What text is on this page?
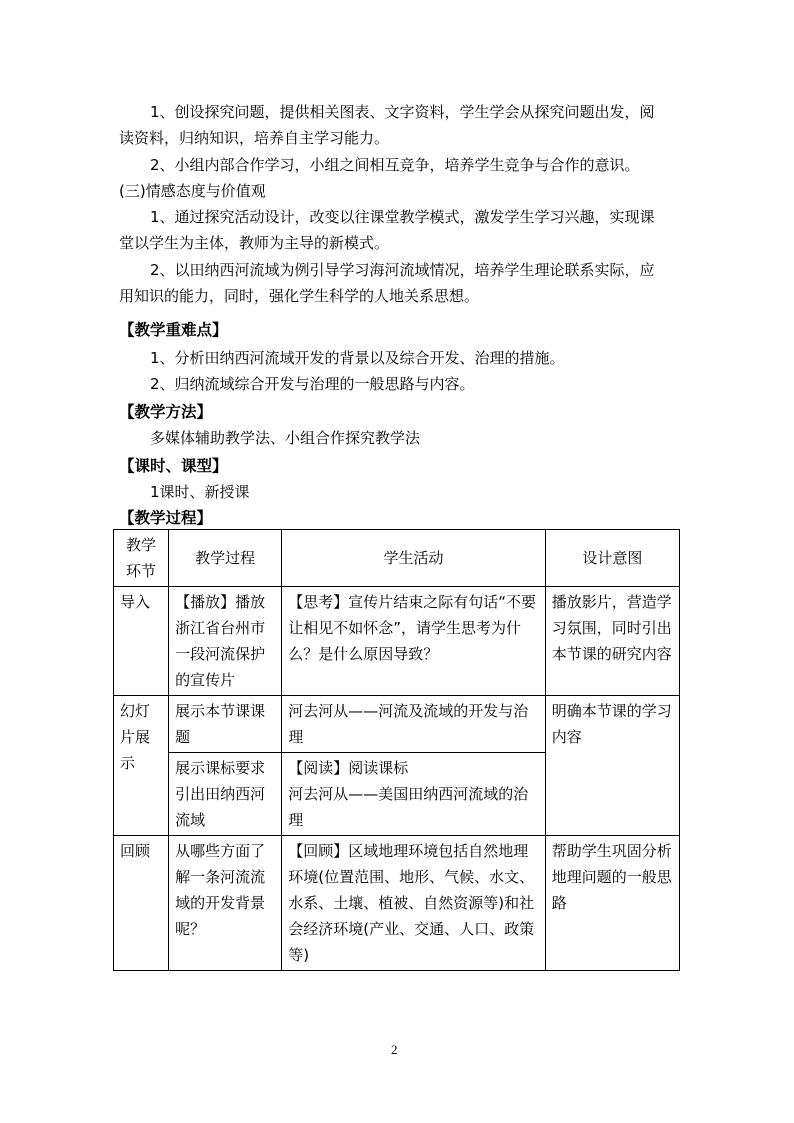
1、创设探究问题，提供相关图表、文字资料，学生学会从探究问题出发，阅
读资料，归纳知识，培养自主学习能力。
2、小组内部合作学习，小组之间相互竞争，培养学生竞争与合作的意识。
(三)情感态度与价值观
1、通过探究活动设计，改变以往课堂教学模式，激发学生学习兴趣，实现课
堂以学生为主体，教师为主导的新模式。
2、以田纳西河流域为例引导学习海河流域情况，培养学生理论联系实际，应
用知识的能力，同时，强化学生科学的人地关系思想。
【教学重难点】
1、分析田纳西河流域开发的背景以及综合开发、治理的措施。
2、归纳流域综合开发与治理的一般思路与内容。
【教学方法】
多媒体辅助教学法、小组合作探究教学法
【课时、课型】
1课时、新授课
【教学过程】
教学环节	教学过程	学生活动	设计意图
导入	【播放】播放浙江省台州市一段河流保护的宣传片	【思考】宣传片结束之际有句话“不要让相见不如怀念”，请学生思考为什么？是什么原因导致？	播放影片，营造学习氛围，同时引出本节课的研究内容
幻灯片展示	展示本节课课题	河去河从——河流及流域的开发与治理	明确本节课的学习内容
	展示课标要求引出田纳西河流域	【阅读】阅读课标
河去河从——美国田纳西河流域的治理	

回顾	从哪些方面了解一条河流流域的开发背景呢？	【回顾】区域地理环境包括自然地理环境(位置范围、地形、气候、水文、水系、土壤、植被、自然资源等)和社会经济环境(产业、交通、人口、政策等)	帮助学生巩固分析地理问题的一般思路
2
